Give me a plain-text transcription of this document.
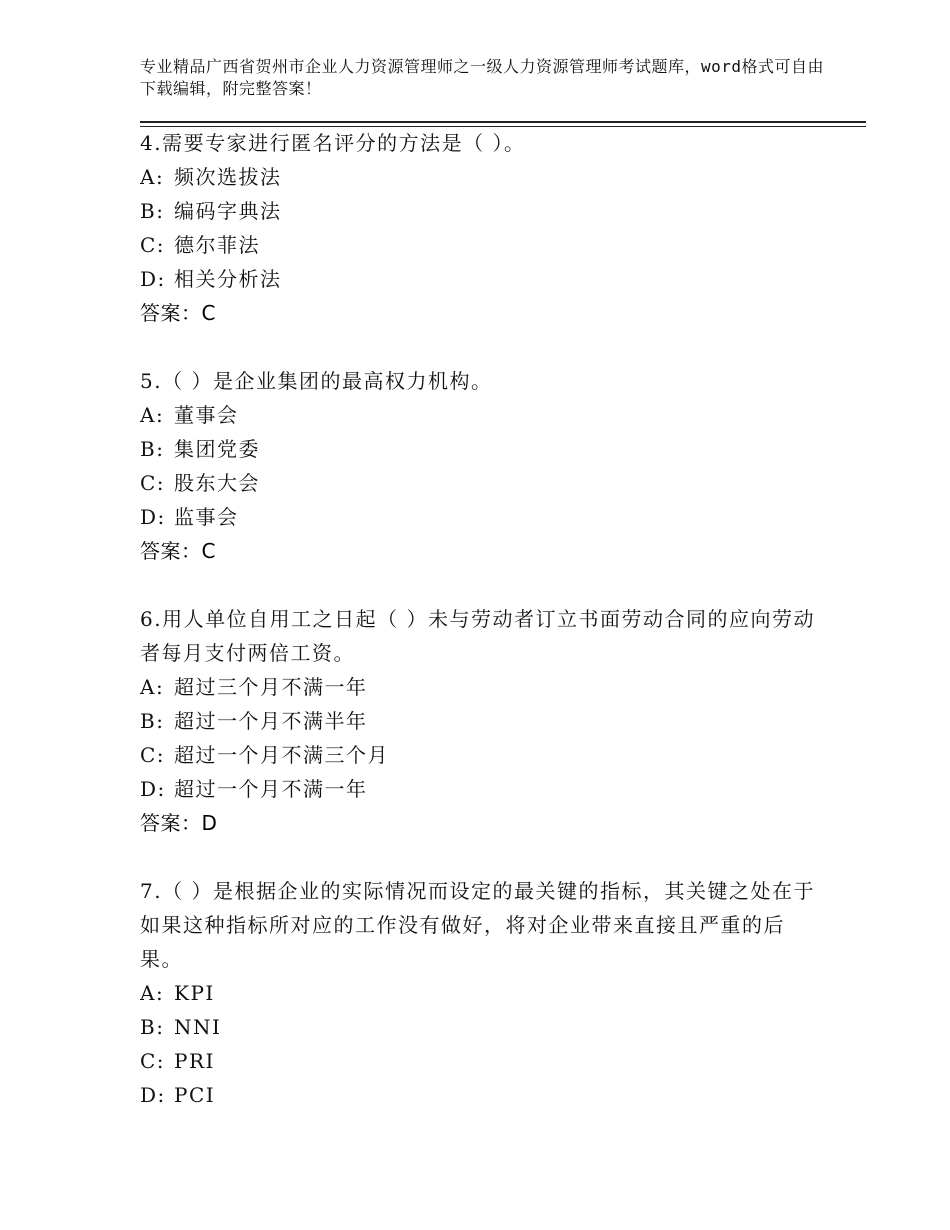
专业精品广西省贺州市企业人力资源管理师之一级人力资源管理师考试题库，word格式可自由下载编辑，附完整答案！
4.需要专家进行匿名评分的方法是（ ）。
A: 频次选拔法
B: 编码字典法
C: 德尔菲法
D: 相关分析法
答案：C
5.（ ）是企业集团的最高权力机构。
A: 董事会
B: 集团党委
C: 股东大会
D: 监事会
答案：C
6.用人单位自用工之日起（ ）未与劳动者订立书面劳动合同的应向劳动者每月支付两倍工资。
A: 超过三个月不满一年
B: 超过一个月不满半年
C: 超过一个月不满三个月
D: 超过一个月不满一年
答案：D
7.（ ）是根据企业的实际情况而设定的最关键的指标，其关键之处在于如果这种指标所对应的工作没有做好，将对企业带来直接且严重的后果。
A: KPI
B: NNI
C: PRI
D: PCI
